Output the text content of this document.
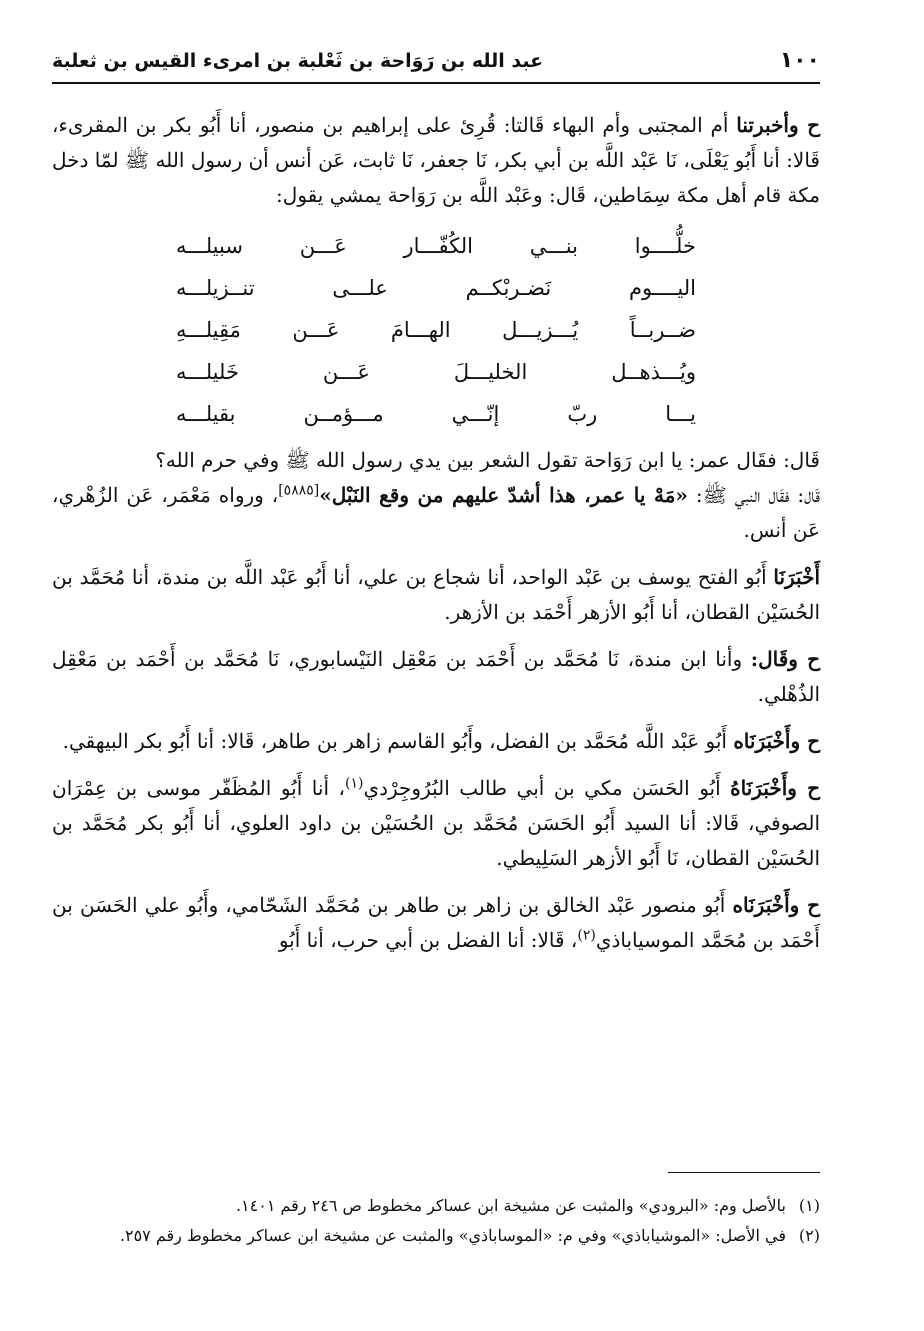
١٠٠
عبد الله بن رَوَاحة بن ثَعْلبة بن امرىء القيس بن ثعلبة

ح وأخبرتنا أم المجتبى وأم البهاء قَالتا: قُرِئ على إبراهيم بن منصور، أنا أَبُو بكر بن المقرىء، قَالا: أنا أَبُو يَعْلَى، نَا عَبْد اللَّه بن أبي بكر، نَا جعفر، نَا ثابت، عَن أنس أن رسول الله ﷺ لمّا دخل مكة قام أهل مكة سِمَاطين، قَال: وعَبْد اللَّه بن رَوَاحة يمشي يقول:

خلُّــــوا بنـــي الكُفّـــار عَـــن سبيلـــه
اليــــوم نَضـربْكــم علـــى تنــزيلـــه
ضــربــاً يُـــزيـــل الهـــامَ عَـــن مَقِيلـــهِ
ويُـــذهــل الخليـــلَ عَـــن خَليلـــه
يـــا ربّ إنّـــي مـــؤمــن بقيلـــه

قَال: فقَال عمر: يا ابن رَوَاحة تقول الشعر بين يدي رسول الله ﷺ وفي حرم الله؟
قَال: فقَال النبي ﷺ: «مَهْ يا عمر، هذا أشدّ عليهم من وقع النَبْل»[٥٨٨٥]، ورواه مَعْمَر، عَن الزُهْري، عَن أنس.

أَخْبَرَنَا أَبُو الفتح يوسف بن عَبْد الواحد، أنا شجاع بن علي، أنا أَبُو عَبْد اللَّه بن مندة، أنا مُحَمَّد بن الحُسَيْن القطان، أنا أَبُو الأزهر أَحْمَد بن الأزهر.

ح وقَال: وأنا ابن مندة، نَا مُحَمَّد بن أَحْمَد بن مَعْقِل النَيْسابوري، نَا مُحَمَّد بن أَحْمَد بن مَعْقِل الذُهْلي.

ح وأَخْبَرَنَاه أَبُو عَبْد اللَّه مُحَمَّد بن الفضل، وأَبُو القاسم زاهر بن طاهر، قَالا: أنا أَبُو بكر البيهقي.

ح وأَخْبَرَنَاهُ أَبُو الحَسَن مكي بن أبي طالب البُرُوجِرْدي$^{(١)}$، أنا أَبُو المُظَفّر موسى بن عِمْرَان الصوفي، قَالا: أنا السيد أَبُو الحَسَن مُحَمَّد بن الحُسَيْن بن داود العلوي، أنا أَبُو بكر مُحَمَّد بن الحُسَيْن القطان، نَا أَبُو الأزهر السَلِيطي.

ح وأَخْبَرَنَاه أَبُو منصور عَبْد الخالق بن زاهر بن طاهر بن مُحَمَّد الشَحّامي، وأَبُو علي الحَسَن بن أَحْمَد بن مُحَمَّد الموسياباذي$^{(٢)}$، قَالا: أنا الفضل بن أبي حرب، أنا أَبُو

(١)بالأصل وم: «البرودي» والمثبت عن مشيخة ابن عساكر مخطوط ص ٢٤٦ رقم ١٤٠١.
(٢)في الأصل: «الموشياباذي» وفي م: «الموساباذي» والمثبت عن مشيخة ابن عساكر مخطوط رقم ٢٥٧.
